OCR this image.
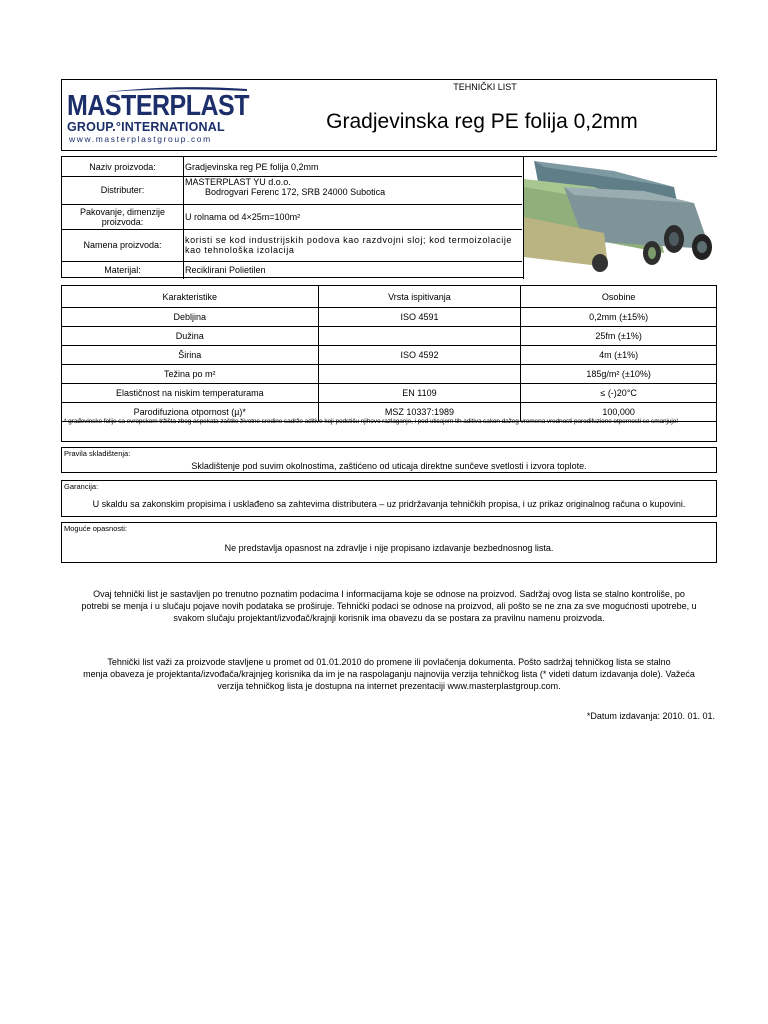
TEHNIČKI LIST
MASTERPLAST
GROUP.°INTERNATIONAL
www.masterplastgroup.com
Gradjevinska reg PE folija 0,2mm
Naziv proizvoda:	Gradjevinska reg PE folija 0,2mm
Distributer:
MASTERPLAST YU d.o.o.
Bodrogvari Ferenc 172, SRB 24000 Subotica
Pakovanje, dimenzije proizvoda:	U rolnama od 4×25m=100m²
Namena proizvoda:	koristi se kod industrijskih podova kao razdvojni sloj; kod termoizolacije
kao tehnološka izolacija
Materijal:	Reciklirani Polietilen
Karakteristike	Vrsta ispitivanja	Osobine
Debljina	ISO 4591	0,2mm (±15%)
Dužina		25fm (±1%)
Širina	ISO 4592	4m (±1%)
Težina po m²		185g/m² (±10%)
Elastičnost na niskim temperaturama	EN 1109	≤ (-)20°C
Parodifuziona otpornost (µ)*	MSZ 10337:1989	100,000
* građevinske folije sa evropskom tržišta zbog aspekata zaštite životne sredine sadrže aditive koji podstiču njihovo razlaganje, i pod uticajem tih aditiva sakon dažeg vremena vrednosti parodifuzione otpornosti se smanjuje!
Pravila skladištenja:
Skladištenje pod suvim okolnostima, zaštićeno od uticaja direktne sunčeve svetlosti i izvora toplote.
Garancija:
U skaldu sa zakonskim propisima i usklađeno sa zahtevima distributera – uz pridržavanja tehničkih propisa, i uz prikaz originalnog računa o kupovini.
Moguće opasnosti:
Ne predstavlja opasnost na zdravlje i nije propisano izdavanje bezbednosnog lista.
Ovaj tehnički list je sastavljen po trenutno poznatim podacima I informacijama koje se odnose na proizvod. Sadržaj ovog lista se stalno kontroliše, po
potrebi se menja i u slučaju pojave novih podataka se proširuje. Tehnički podaci se odnose na proizvod, ali pošto se ne zna za sve mogućnosti upotrebe, u
svakom slučaju projektant/izvođač/krajnji korisnik ima obavezu da se postara za pravilnu namenu proizvoda.
Tehnički list važi za proizvode stavljene u promet od 01.01.2010 do promene ili povlačenja dokumenta. Pošto sadržaj tehničkog lista se stalno
menja obaveza je projektanta/izvođača/krajnjeg korisnika da im je na raspolaganju najnovija verzija tehničkog lista (* videti datum izdavanja dole). Važeća
verzija tehničkog lista je dostupna na internet prezentaciji www.masterplastgroup.com.
*Datum izdavanja: 2010. 01. 01.
